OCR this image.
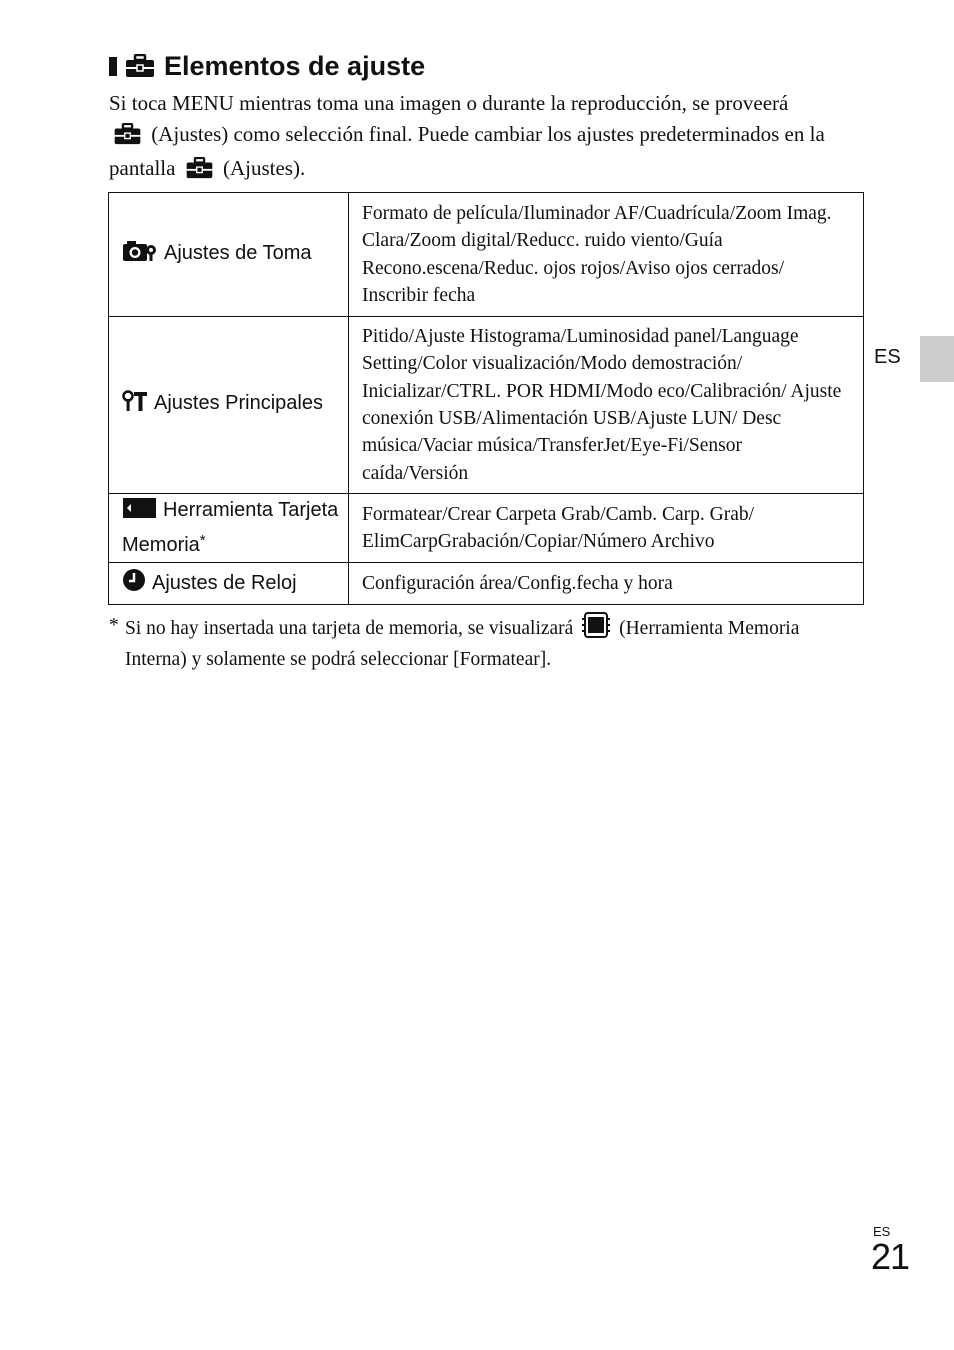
Elementos de ajuste
Si toca MENU mientras toma una imagen o durante la reproducción, se proveerá  (Ajustes) como selección final. Puede cambiar los ajustes predeterminados en la pantalla (Ajustes).
Ajustes de Toma	Formato de película/Iluminador AF/Cuadrícula/Zoom Imag. Clara/Zoom digital/Reducc. ruido viento/Guía Recono.escena/Reduc. ojos rojos/Aviso ojos cerrados/ Inscribir fecha
Ajustes Principales	Pitido/Ajuste Histograma/Luminosidad panel/Language Setting/Color visualización/Modo demostración/ Inicializar/CTRL. POR HDMI/Modo eco/Calibración/ Ajuste conexión USB/Alimentación USB/Ajuste LUN/ Desc música/Vaciar música/TransferJet/Eye-Fi/Sensor caída/Versión
Herramienta Tarjeta Memoria*	Formatear/Crear Carpeta Grab/Camb. Carp. Grab/ ElimCarpGrabación/Copiar/Número Archivo
Ajustes de Reloj	Configuración área/Config.fecha y hora
* Si no hay insertada una tarjeta de memoria, se visualizará (Herramienta Memoria Interna) y solamente se podrá seleccionar [Formatear].
ES
ES
21
